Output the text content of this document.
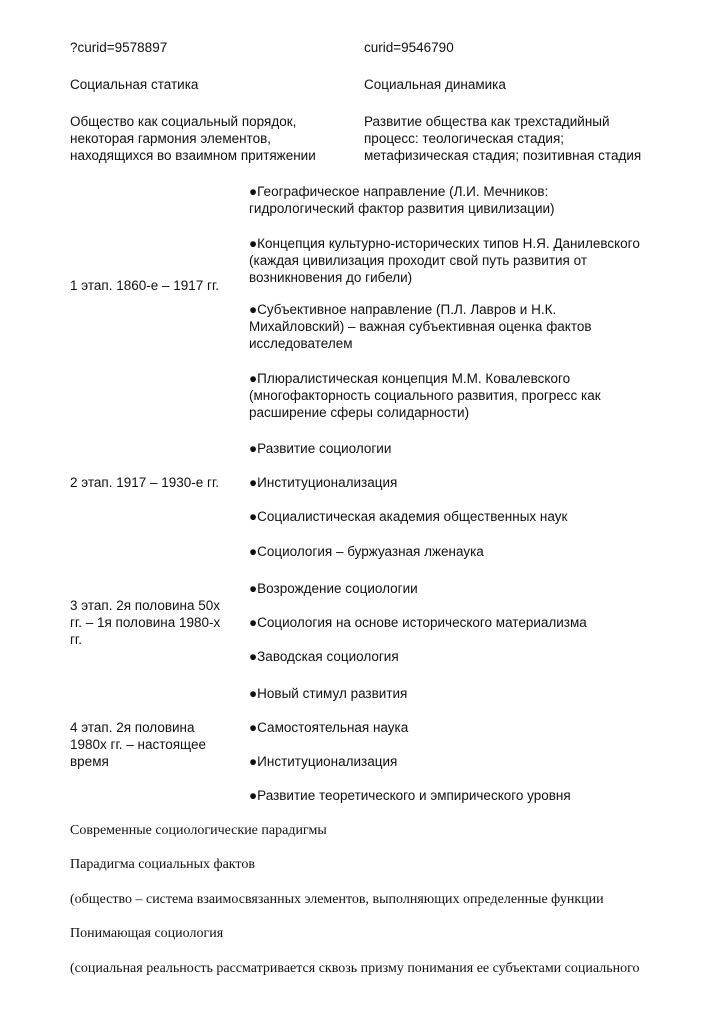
?curid=9578897	curid=9546790
Социальная статика	Социальная динамика
Общество как социальный порядок,
некоторая гармония элементов,
находящихся во взаимном притяжении
Развитие общества как трехстадийный
процесс: теологическая стадия;
метафизическая стадия; позитивная стадия
1 этап. 1860-е – 1917 гг.
●Географическое направление (Л.И. Мечников:
гидрологический фактор развития цивилизации)
●Концепция культурно-исторических типов Н.Я. Данилевского
(каждая цивилизация проходит свой путь развития от
возникновения до гибели)
●Субъективное направление (П.Л. Лавров и Н.К.
Михайловский) – важная субъективная оценка фактов
исследователем
●Плюралистическая концепция М.М. Ковалевского
(многофакторность социального развития, прогресс как
расширение сферы солидарности)
2 этап. 1917 – 1930-е гг.
●Развитие социологии
●Институционализация
●Социалистическая академия общественных наук
●Социология – буржуазная лженаука
3 этап. 2я половина 50х
гг. – 1я половина 1980-х
гг.
●Возрождение социологии
●Социология на основе исторического материализма
●Заводская социология
4 этап. 2я половина
1980х гг. – настоящее
время
●Новый стимул развития
●Самостоятельная наука
●Институционализация
●Развитие теоретического и эмпирического уровня
Современные социологические парадигмы
Парадигма социальных фактов
(общество – система взаимосвязанных элементов, выполняющих определенные функции
Понимающая социология
(социальная реальность рассматривается сквозь призму понимания ее субъектами социального
